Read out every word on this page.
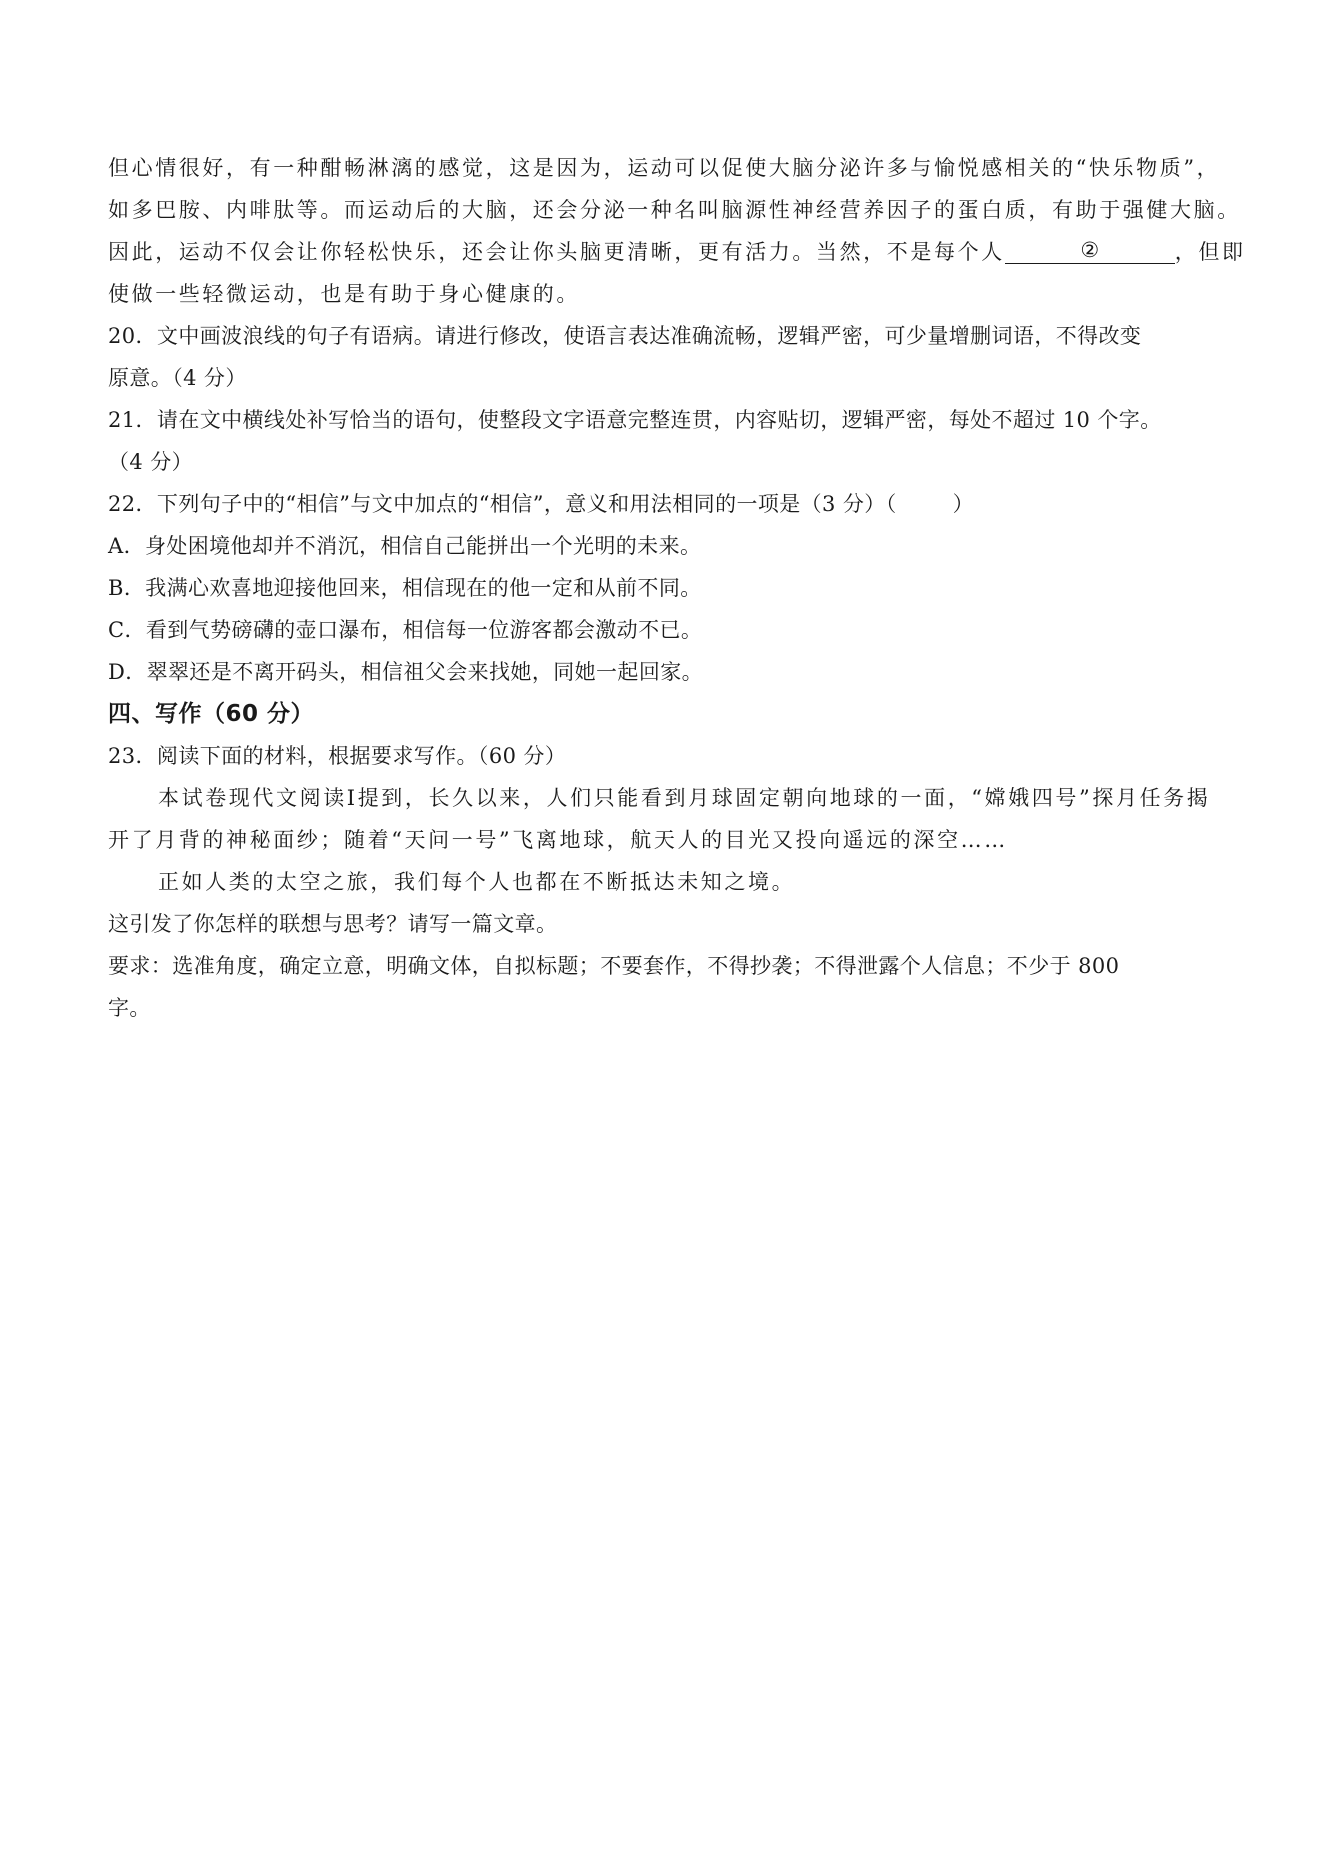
但心情很好，有一种酣畅淋漓的感觉，这是因为，运动可以促使大脑分泌许多与愉悦感相关的“快乐物质”，
如多巴胺、内啡肽等。而运动后的大脑，还会分泌一种名叫脑源性神经营养因子的蛋白质，有助于强健大脑。
因此，运动不仅会让你轻松快乐，还会让你头脑更清晰，更有活力。当然，不是每个人	②	，但即
使做一些轻微运动，也是有助于身心健康的。
20．文中画波浪线的句子有语病。请进行修改，使语言表达准确流畅，逻辑严密，可少量增删词语，不得改变
原意。（4 分）
21．请在文中横线处补写恰当的语句，使整段文字语意完整连贯，内容贴切，逻辑严密，每处不超过 10 个字。
（4 分）
22．下列句子中的“相信”与文中加点的“相信”，意义和用法相同的一项是（3 分）（	）
A．身处困境他却并不消沉，相信自己能拼出一个光明的未来。
B．我满心欢喜地迎接他回来，相信现在的他一定和从前不同。
C．看到气势磅礴的壶口瀑布，相信每一位游客都会激动不已。
D．翠翠还是不离开码头，相信祖父会来找她，同她一起回家。
四、写作（60 分）
23．阅读下面的材料，根据要求写作。（60 分）
本试卷现代文阅读Ⅰ提到，长久以来，人们只能看到月球固定朝向地球的一面，“嫦娥四号”探月任务揭
开了月背的神秘面纱；随着“天问一号”飞离地球，航天人的目光又投向遥远的深空……
正如人类的太空之旅，我们每个人也都在不断抵达未知之境。
这引发了你怎样的联想与思考？请写一篇文章。
要求：选准角度，确定立意，明确文体，自拟标题；不要套作，不得抄袭；不得泄露个人信息；不少于 800
字。
